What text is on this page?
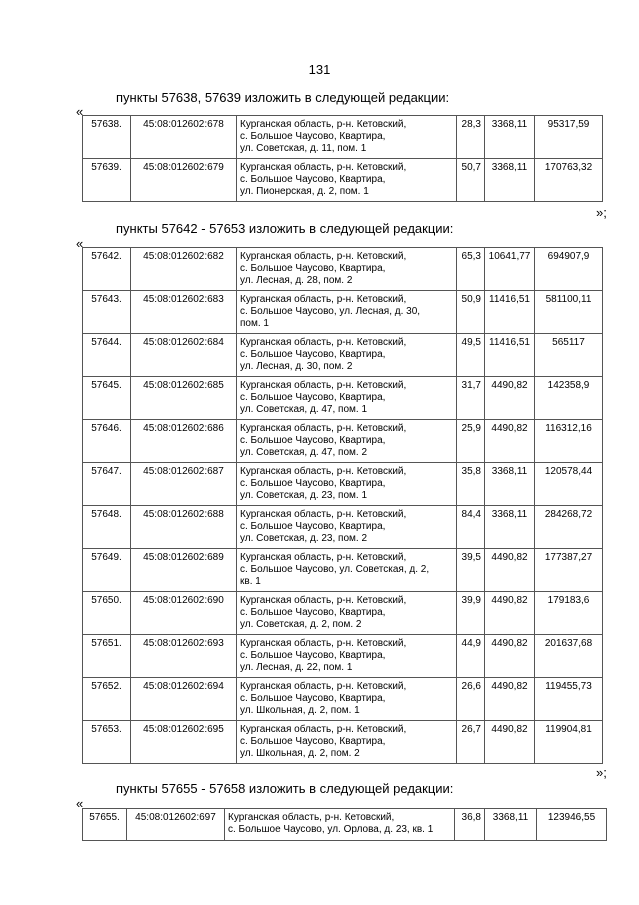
131
пункты 57638, 57639 изложить в следующей редакции:
«
57638.	45:08:012602:678	Курганская область, р-н. Кетовский,
с. Большое Чаусово, Квартира,
ул. Советская, д. 11, пом. 1	28,3	3368,11	95317,59
57639.	45:08:012602:679	Курганская область, р-н. Кетовский,
с. Большое Чаусово, Квартира,
ул. Пионерская, д. 2, пом. 1	50,7	3368,11	170763,32
»;
пункты 57642 - 57653 изложить в следующей редакции:
«
57642.	45:08:012602:682	Курганская область, р-н. Кетовский,
с. Большое Чаусово, Квартира,
ул. Лесная, д. 28, пом. 2	65,3	10641,77	694907,9
57643.	45:08:012602:683	Курганская область, р-н. Кетовский,
с. Большое Чаусово, ул. Лесная, д. 30,
пом. 1	50,9	11416,51	581100,11
57644.	45:08:012602:684	Курганская область, р-н. Кетовский,
с. Большое Чаусово, Квартира,
ул. Лесная, д. 30, пом. 2	49,5	11416,51	565117
57645.	45:08:012602:685	Курганская область, р-н. Кетовский,
с. Большое Чаусово, Квартира,
ул. Советская, д. 47, пом. 1	31,7	4490,82	142358,9
57646.	45:08:012602:686	Курганская область, р-н. Кетовский,
с. Большое Чаусово, Квартира,
ул. Советская, д. 47, пом. 2	25,9	4490,82	116312,16
57647.	45:08:012602:687	Курганская область, р-н. Кетовский,
с. Большое Чаусово, Квартира,
ул. Советская, д. 23, пом. 1	35,8	3368,11	120578,44
57648.	45:08:012602:688	Курганская область, р-н. Кетовский,
с. Большое Чаусово, Квартира,
ул. Советская, д. 23, пом. 2	84,4	3368,11	284268,72
57649.	45:08:012602:689	Курганская область, р-н. Кетовский,
с. Большое Чаусово, ул. Советская, д. 2,
кв. 1	39,5	4490,82	177387,27
57650.	45:08:012602:690	Курганская область, р-н. Кетовский,
с. Большое Чаусово, Квартира,
ул. Советская, д. 2, пом. 2	39,9	4490,82	179183,6
57651.	45:08:012602:693	Курганская область, р-н. Кетовский,
с. Большое Чаусово, Квартира,
ул. Лесная, д. 22, пом. 1	44,9	4490,82	201637,68
57652.	45:08:012602:694	Курганская область, р-н. Кетовский,
с. Большое Чаусово, Квартира,
ул. Школьная, д. 2, пом. 1	26,6	4490,82	119455,73
57653.	45:08:012602:695	Курганская область, р-н. Кетовский,
с. Большое Чаусово, Квартира,
ул. Школьная, д. 2, пом. 2	26,7	4490,82	119904,81
»;
пункты 57655 - 57658 изложить в следующей редакции:
«
57655.	45:08:012602:697	Курганская область, р-н. Кетовский,
с. Большое Чаусово, ул. Орлова, д. 23, кв. 1
	36,8	3368,11	123946,55
